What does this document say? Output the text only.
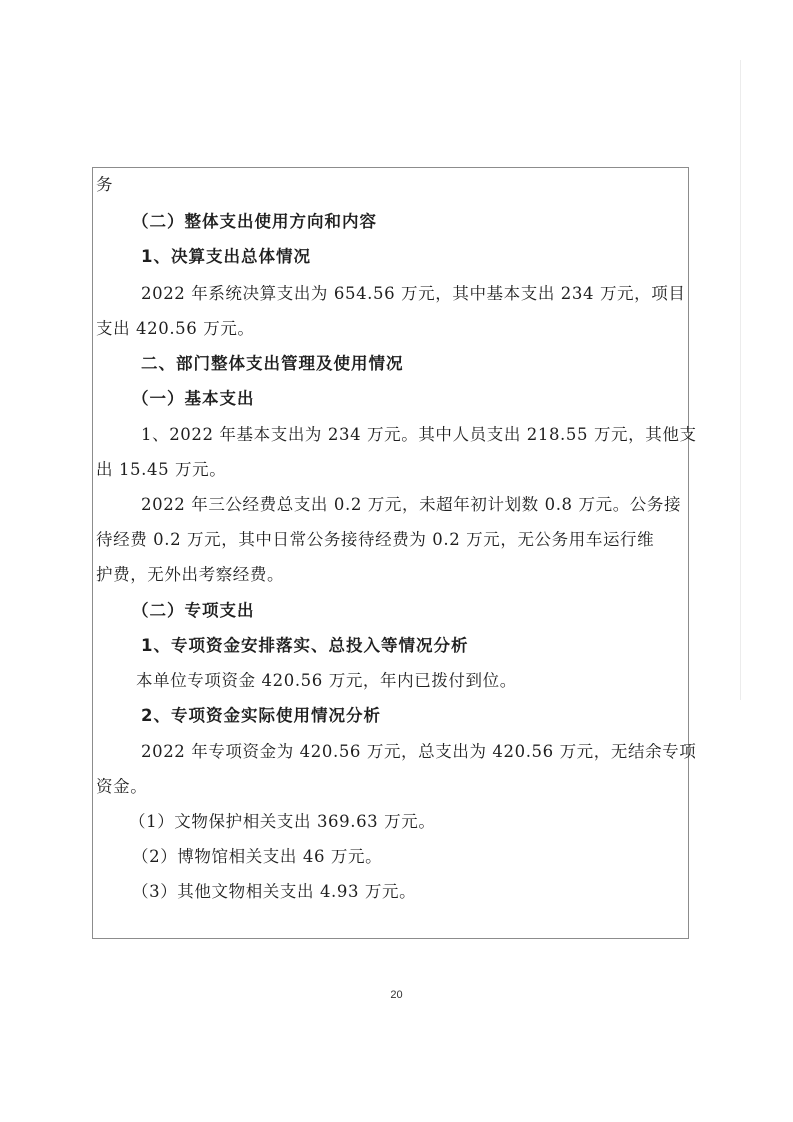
务
（二）整体支出使用方向和内容
1、决算支出总体情况
2022 年系统决算支出为 654.56 万元，其中基本支出 234 万元，项目
支出 420.56 万元。
二、部门整体支出管理及使用情况
（一）基本支出
1、2022 年基本支出为 234 万元。其中人员支出 218.55 万元，其他支
出 15.45 万元。
2022 年三公经费总支出 0.2 万元，未超年初计划数 0.8 万元。公务接
待经费 0.2 万元，其中日常公务接待经费为 0.2 万元，无公务用车运行维
护费，无外出考察经费。
（二）专项支出
1、专项资金安排落实、总投入等情况分析
本单位专项资金 420.56 万元，年内已拨付到位。
2、专项资金实际使用情况分析
2022 年专项资金为 420.56 万元，总支出为 420.56 万元，无结余专项
资金。
（1）文物保护相关支出 369.63 万元。
（2）博物馆相关支出 46 万元。
（3）其他文物相关支出 4.93 万元。
20
